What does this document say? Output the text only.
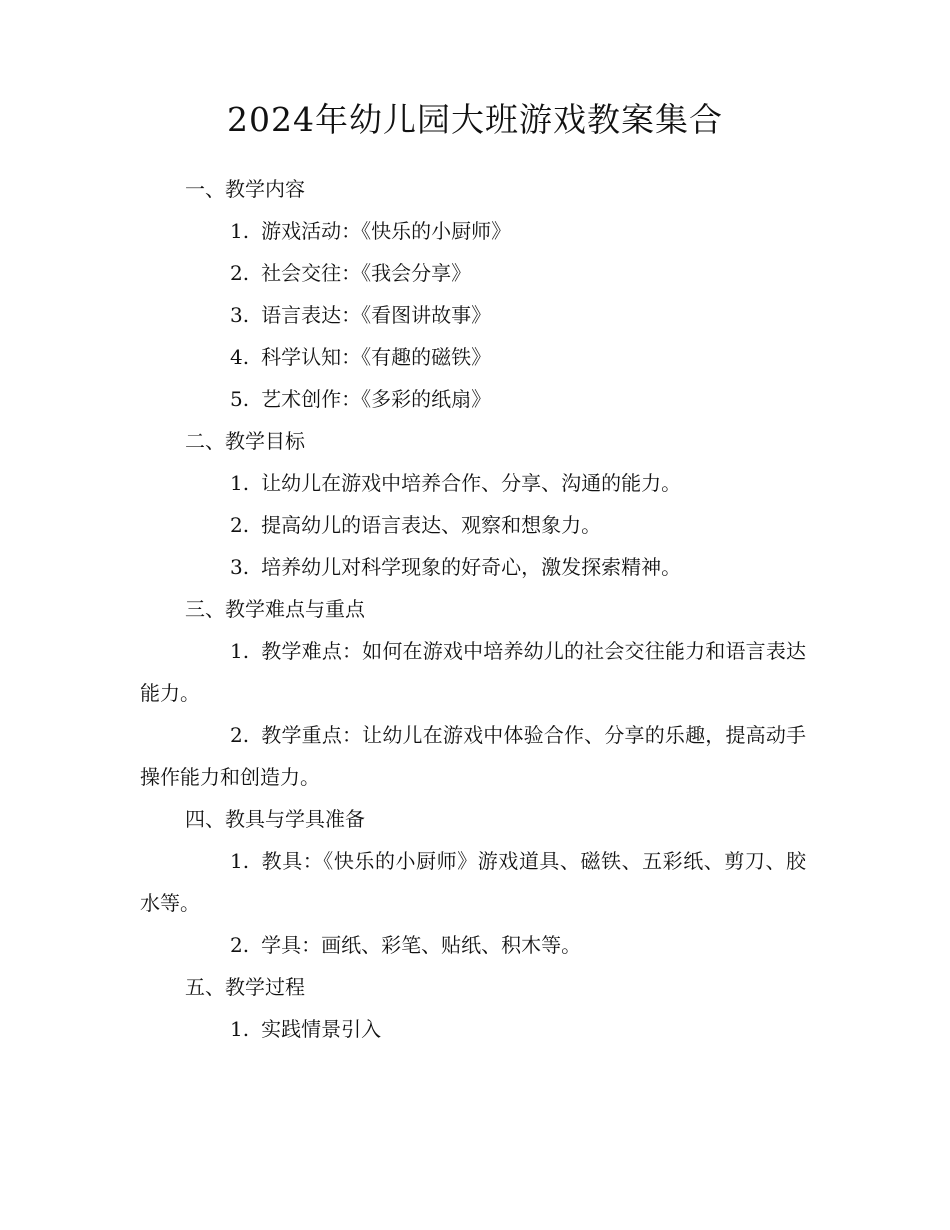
2024年幼儿园大班游戏教案集合

一、教学内容

1. 游戏活动：《快乐的小厨师》

2. 社会交往：《我会分享》

3. 语言表达：《看图讲故事》

4. 科学认知：《有趣的磁铁》

5. 艺术创作：《多彩的纸扇》

二、教学目标

1. 让幼儿在游戏中培养合作、分享、沟通的能力。

2. 提高幼儿的语言表达、观察和想象力。

3. 培养幼儿对科学现象的好奇心，激发探索精神。

三、教学难点与重点

1. 教学难点：如何在游戏中培养幼儿的社会交往能力和语言表达能力。

2. 教学重点：让幼儿在游戏中体验合作、分享的乐趣，提高动手操作能力和创造力。

四、教具与学具准备

1. 教具：《快乐的小厨师》游戏道具、磁铁、五彩纸、剪刀、胶水等。

2. 学具：画纸、彩笔、贴纸、积木等。

五、教学过程

1. 实践情景引入
